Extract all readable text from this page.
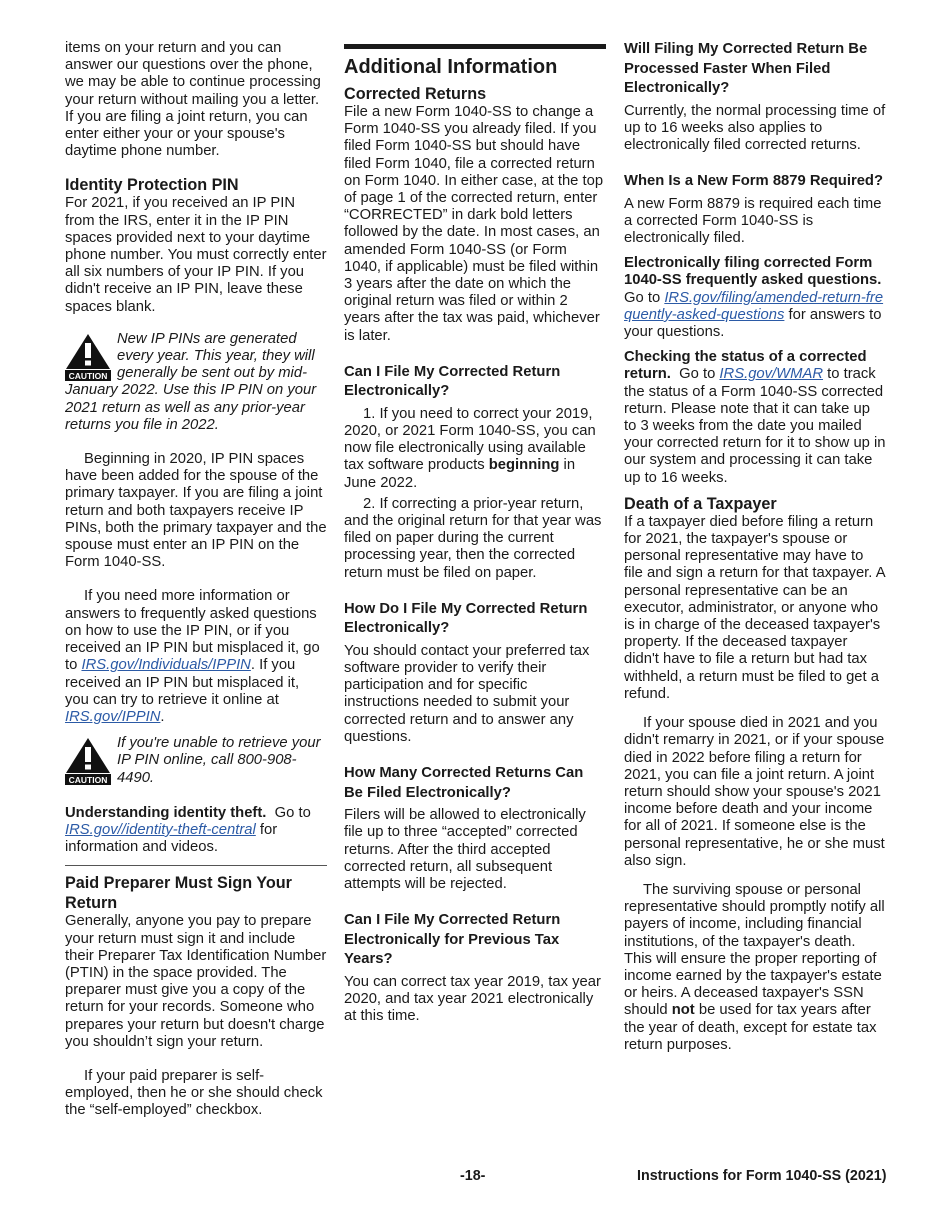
items on your return and you can answer our questions over the phone, we may be able to continue processing your return without mailing you a letter. If you are filing a joint return, you can enter either your or your spouse's daytime phone number.

Identity Protection PIN

For 2021, if you received an IP PIN from the IRS, enter it in the IP PIN spaces provided next to your daytime phone number. You must correctly enter all six numbers of your IP PIN. If you didn't receive an IP PIN, leave these spaces blank.

CAUTION

New IP PINs are generated every year. This year, they will generally be sent out by mid-January 2022. Use this IP PIN on your 2021 return as well as any prior-year returns you file in 2022.

Beginning in 2020, IP PIN spaces have been added for the spouse of the primary taxpayer. If you are filing a joint return and both taxpayers receive IP PINs, both the primary taxpayer and the spouse must enter an IP PIN on the Form 1040-SS.

If you need more information or answers to frequently asked questions on how to use the IP PIN, or if you received an IP PIN but misplaced it, go to IRS.gov/Individuals/IPPIN. If you received an IP PIN but misplaced it, you can try to retrieve it online at IRS.gov/IPPIN.

CAUTION

If you're unable to retrieve your IP PIN online, call 800-908-4490.

Understanding identity theft. Go to IRS.gov//identity-theft-central for information and videos.

Paid Preparer Must Sign Your Return

Generally, anyone you pay to prepare your return must sign it and include their Preparer Tax Identification Number (PTIN) in the space provided. The preparer must give you a copy of the return for your records. Someone who prepares your return but doesn't charge you shouldn’t sign your return.

If your paid preparer is self-employed, then he or she should check the “self-employed” checkbox.

Additional Information
Corrected Returns

File a new Form 1040-SS to change a Form 1040-SS you already filed. If you filed Form 1040-SS but should have filed Form 1040, file a corrected return on Form 1040. In either case, at the top of page 1 of the corrected return, enter “CORRECTED” in dark bold letters followed by the date. In most cases, an amended Form 1040-SS (or Form 1040, if applicable) must be filed within 3 years after the date on which the original return was filed or within 2 years after the tax was paid, whichever is later.

Can I File My Corrected Return Electronically?

1. If you need to correct your 2019, 2020, or 2021 Form 1040-SS, you can now file electronically using available tax software products beginning in June 2022.

2. If correcting a prior-year return, and the original return for that year was filed on paper during the current processing year, then the corrected return must be filed on paper.

How Do I File My Corrected Return Electronically?

You should contact your preferred tax software provider to verify their participation and for specific instructions needed to submit your corrected return and to answer any questions.

How Many Corrected Returns Can Be Filed Electronically?

Filers will be allowed to electronically file up to three “accepted” corrected returns. After the third accepted corrected return, all subsequent attempts will be rejected.

Can I File My Corrected Return Electronically for Previous Tax Years?

You can correct tax year 2019, tax year 2020, and tax year 2021 electronically at this time.

Will Filing My Corrected Return Be Processed Faster When Filed Electronically?

Currently, the normal processing time of up to 16 weeks also applies to electronically filed corrected returns.

When Is a New Form 8879 Required?

A new Form 8879 is required each time a corrected Form 1040-SS is electronically filed.

Electronically filing corrected Form 1040-SS frequently asked questions.  Go to IRS.gov/filing/amended-return-frequently-asked-questions for answers to your questions.

Checking the status of a corrected return. Go to IRS.gov/WMAR to track the status of a Form 1040-SS corrected return. Please note that it can take up to 3 weeks from the date you mailed your corrected return for it to show up in our system and processing it can take up to 16 weeks.

Death of a Taxpayer

If a taxpayer died before filing a return for 2021, the taxpayer's spouse or personal representative may have to file and sign a return for that taxpayer. A personal representative can be an executor, administrator, or anyone who is in charge of the deceased taxpayer's property. If the deceased taxpayer didn't have to file a return but had tax withheld, a return must be filed to get a refund.

If your spouse died in 2021 and you didn't remarry in 2021, or if your spouse died in 2022 before filing a return for 2021, you can file a joint return. A joint return should show your spouse's 2021 income before death and your income for all of 2021. If someone else is the personal representative, he or she must also sign.

The surviving spouse or personal representative should promptly notify all payers of income, including financial institutions, of the taxpayer's death. This will ensure the proper reporting of income earned by the taxpayer's estate or heirs. A deceased taxpayer's SSN should not be used for tax years after the year of death, except for estate tax return purposes.

-18-	Instructions for Form 1040-SS (2021)
